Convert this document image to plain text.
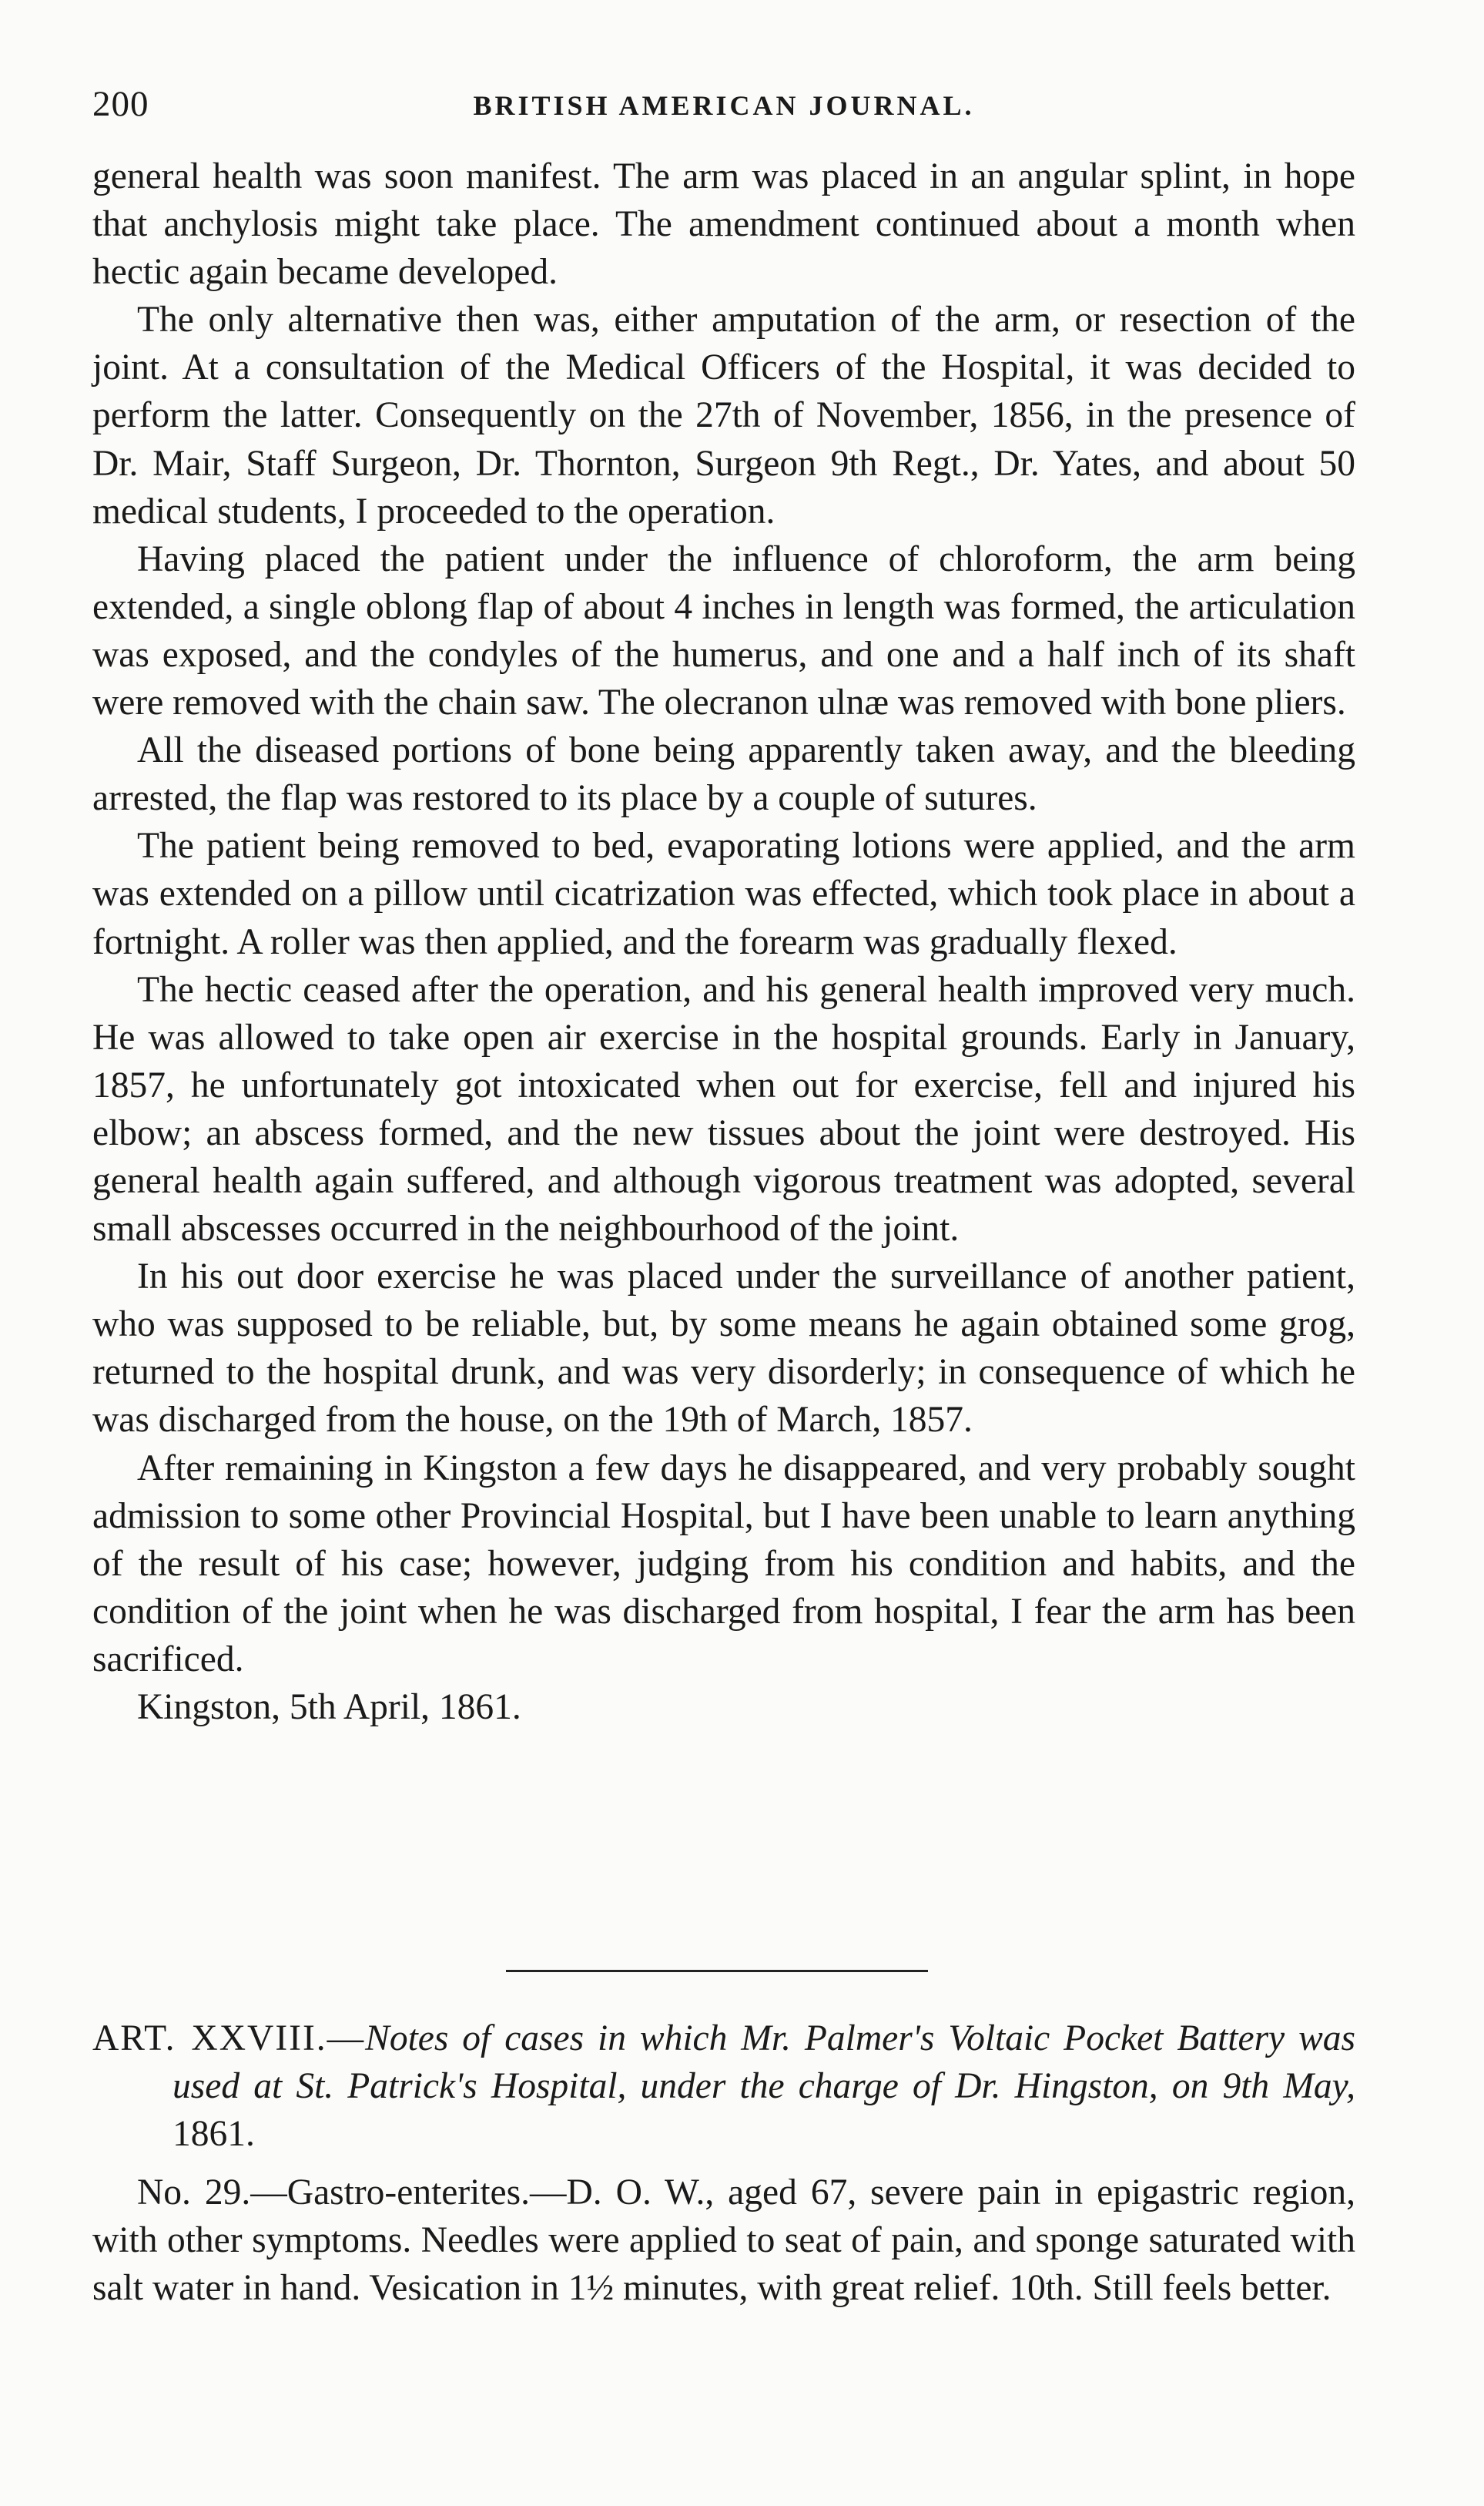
200	BRITISH AMERICAN JOURNAL.

general health was soon manifest. The arm was placed in an angular splint, in hope that anchylosis might take place. The amendment continued about a month when hectic again became developed.

The only alternative then was, either amputation of the arm, or resection of the joint. At a consultation of the Medical Officers of the Hospital, it was decided to perform the latter. Consequently on the 27th of November, 1856, in the presence of Dr. Mair, Staff Surgeon, Dr. Thornton, Surgeon 9th Regt., Dr. Yates, and about 50 medical students, I proceeded to the operation.

Having placed the patient under the influence of chloroform, the arm being extended, a single oblong flap of about 4 inches in length was formed, the articulation was exposed, and the condyles of the humerus, and one and a half inch of its shaft were removed with the chain saw. The olecranon ulnæ was removed with bone pliers.

All the diseased portions of bone being apparently taken away, and the bleeding arrested, the flap was restored to its place by a couple of sutures.

The patient being removed to bed, evaporating lotions were applied, and the arm was extended on a pillow until cicatrization was effected, which took place in about a fortnight. A roller was then applied, and the forearm was gradually flexed.

The hectic ceased after the operation, and his general health improved very much. He was allowed to take open air exercise in the hospital grounds. Early in January, 1857, he unfortunately got intoxicated when out for exercise, fell and injured his elbow; an abscess formed, and the new tissues about the joint were destroyed. His general health again suffered, and although vigorous treatment was adopted, several small abscesses occurred in the neighbourhood of the joint.

In his out door exercise he was placed under the surveillance of another patient, who was supposed to be reliable, but, by some means he again obtained some grog, returned to the hospital drunk, and was very disorderly; in consequence of which he was discharged from the house, on the 19th of March, 1857.

After remaining in Kingston a few days he disappeared, and very probably sought admission to some other Provincial Hospital, but I have been unable to learn anything of the result of his case; however, judging from his condition and habits, and the condition of the joint when he was discharged from hospital, I fear the arm has been sacrificed.

Kingston, 5th April, 1861.

ART. XXVIII.—Notes of cases in which Mr. Palmer's Voltaic Pocket Battery was used at St. Patrick's Hospital, under the charge of Dr. Hingston, on 9th May, 1861.

No. 29.—Gastro-enterites.—D. O. W., aged 67, severe pain in epigastric region, with other symptoms. Needles were applied to seat of pain, and sponge saturated with salt water in hand. Vesication in 1½ minutes, with great relief. 10th. Still feels better.
